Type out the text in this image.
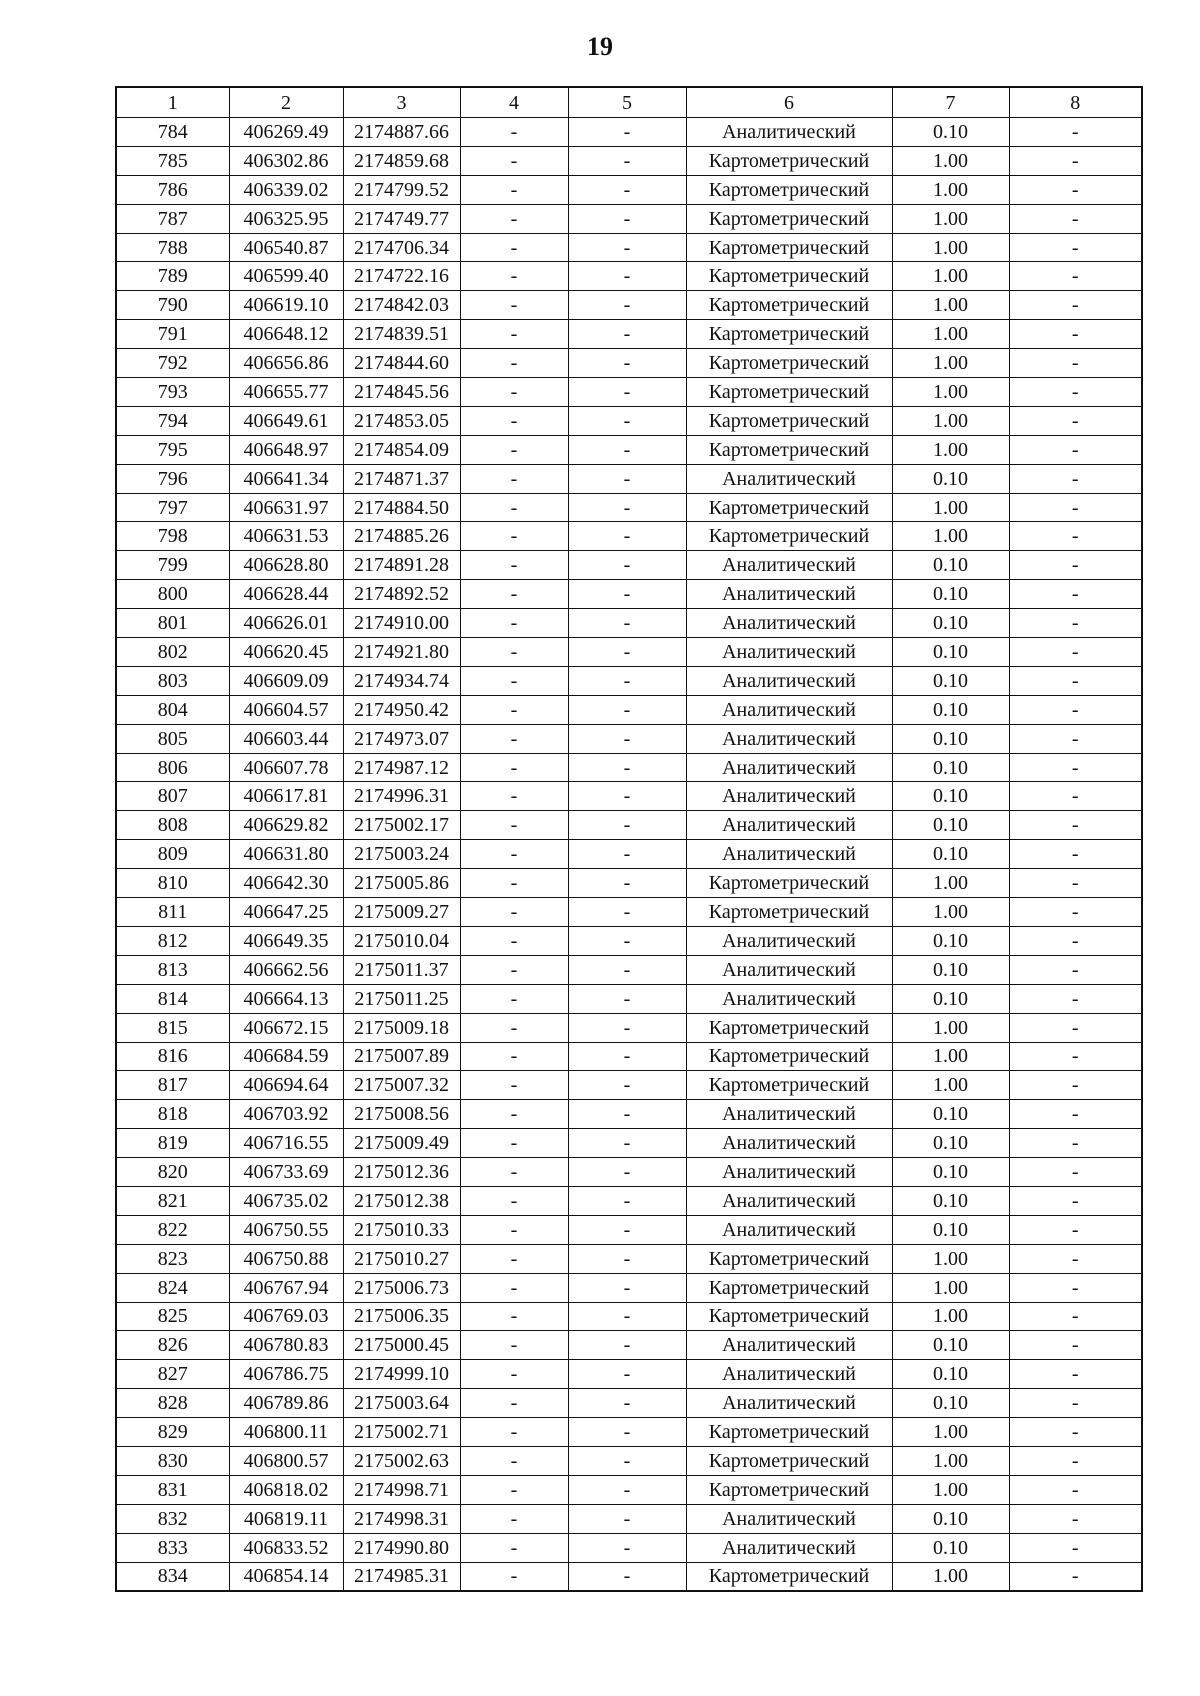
19
1	2	3	4	5	6	7	8
784	406269.49	2174887.66	-	-	Аналитический	0.10	-
785	406302.86	2174859.68	-	-	Картометрический	1.00	-
786	406339.02	2174799.52	-	-	Картометрический	1.00	-
787	406325.95	2174749.77	-	-	Картометрический	1.00	-
788	406540.87	2174706.34	-	-	Картометрический	1.00	-
789	406599.40	2174722.16	-	-	Картометрический	1.00	-
790	406619.10	2174842.03	-	-	Картометрический	1.00	-
791	406648.12	2174839.51	-	-	Картометрический	1.00	-
792	406656.86	2174844.60	-	-	Картометрический	1.00	-
793	406655.77	2174845.56	-	-	Картометрический	1.00	-
794	406649.61	2174853.05	-	-	Картометрический	1.00	-
795	406648.97	2174854.09	-	-	Картометрический	1.00	-
796	406641.34	2174871.37	-	-	Аналитический	0.10	-
797	406631.97	2174884.50	-	-	Картометрический	1.00	-
798	406631.53	2174885.26	-	-	Картометрический	1.00	-
799	406628.80	2174891.28	-	-	Аналитический	0.10	-
800	406628.44	2174892.52	-	-	Аналитический	0.10	-
801	406626.01	2174910.00	-	-	Аналитический	0.10	-
802	406620.45	2174921.80	-	-	Аналитический	0.10	-
803	406609.09	2174934.74	-	-	Аналитический	0.10	-
804	406604.57	2174950.42	-	-	Аналитический	0.10	-
805	406603.44	2174973.07	-	-	Аналитический	0.10	-
806	406607.78	2174987.12	-	-	Аналитический	0.10	-
807	406617.81	2174996.31	-	-	Аналитический	0.10	-
808	406629.82	2175002.17	-	-	Аналитический	0.10	-
809	406631.80	2175003.24	-	-	Аналитический	0.10	-
810	406642.30	2175005.86	-	-	Картометрический	1.00	-
811	406647.25	2175009.27	-	-	Картометрический	1.00	-
812	406649.35	2175010.04	-	-	Аналитический	0.10	-
813	406662.56	2175011.37	-	-	Аналитический	0.10	-
814	406664.13	2175011.25	-	-	Аналитический	0.10	-
815	406672.15	2175009.18	-	-	Картометрический	1.00	-
816	406684.59	2175007.89	-	-	Картометрический	1.00	-
817	406694.64	2175007.32	-	-	Картометрический	1.00	-
818	406703.92	2175008.56	-	-	Аналитический	0.10	-
819	406716.55	2175009.49	-	-	Аналитический	0.10	-
820	406733.69	2175012.36	-	-	Аналитический	0.10	-
821	406735.02	2175012.38	-	-	Аналитический	0.10	-
822	406750.55	2175010.33	-	-	Аналитический	0.10	-
823	406750.88	2175010.27	-	-	Картометрический	1.00	-
824	406767.94	2175006.73	-	-	Картометрический	1.00	-
825	406769.03	2175006.35	-	-	Картометрический	1.00	-
826	406780.83	2175000.45	-	-	Аналитический	0.10	-
827	406786.75	2174999.10	-	-	Аналитический	0.10	-
828	406789.86	2175003.64	-	-	Аналитический	0.10	-
829	406800.11	2175002.71	-	-	Картометрический	1.00	-
830	406800.57	2175002.63	-	-	Картометрический	1.00	-
831	406818.02	2174998.71	-	-	Картометрический	1.00	-
832	406819.11	2174998.31	-	-	Аналитический	0.10	-
833	406833.52	2174990.80	-	-	Аналитический	0.10	-
834	406854.14	2174985.31	-	-	Картометрический	1.00	-
